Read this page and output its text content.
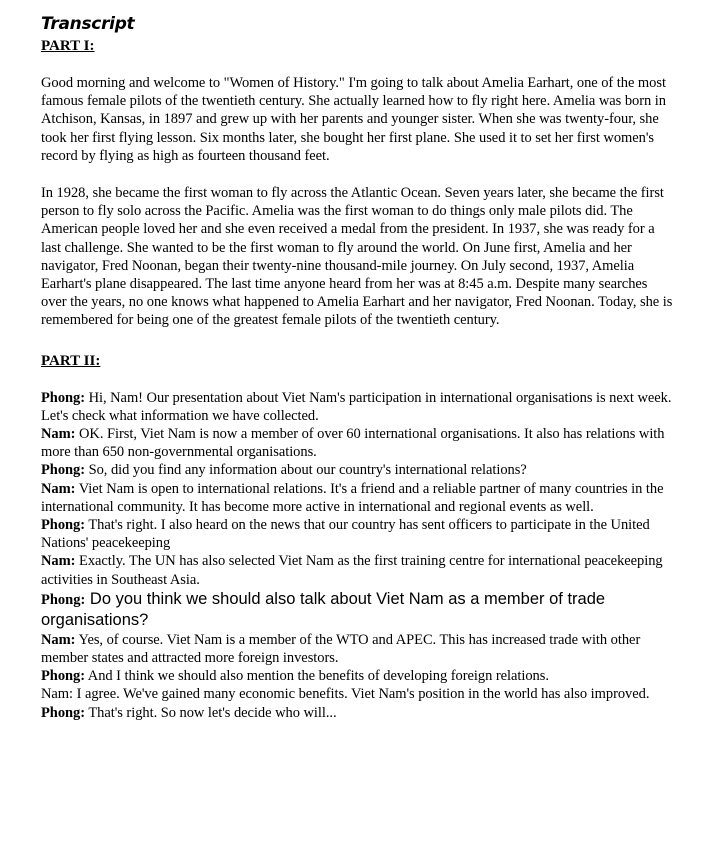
Transcript
PART I:

Good morning and welcome to "Women of History." I'm going to talk about Amelia Earhart, one of the most famous female pilots of the twentieth century. She actually learned how to fly right here. Amelia was born in Atchison, Kansas, in 1897 and grew up with her parents and younger sister. When she was twenty-four, she took her first flying lesson. Six months later, she bought her first plane. She used it to set her first women's record by flying as high as fourteen thousand feet.

In 1928, she became the first woman to fly across the Atlantic Ocean. Seven years later, she became the first person to fly solo across the Pacific. Amelia was the first woman to do things only male pilots did. The American people loved her and she even received a medal from the president. In 1937, she was ready for a last challenge. She wanted to be the first woman to fly around the world. On June first, Amelia and her navigator, Fred Noonan, began their twenty-nine thousand-mile journey. On July second, 1937, Amelia Earhart's plane disappeared. The last time anyone heard from her was at 8:45 a.m. Despite many searches over the years, no one knows what happened to Amelia Earhart and her navigator, Fred Noonan. Today, she is remembered for being one of the greatest female pilots of the twentieth century.

PART II:

Phong: Hi, Nam! Our presentation about Viet Nam's participation in international organisations is next week. Let's check what information we have collected.

Nam: OK. First, Viet Nam is now a member of over 60 international organisations. It also has relations with more than 650 non-governmental organisations.

Phong: So, did you find any information about our country's international relations?

Nam: Viet Nam is open to international relations. It's a friend and a reliable partner of many countries in the international community. It has become more active in international and regional events as well.

Phong: That's right. I also heard on the news that our country has sent officers to participate in the United Nations' peacekeeping

Nam: Exactly. The UN has also selected Viet Nam as the first training centre for international peacekeeping activities in Southeast Asia.

Phong: Do you think we should also talk about Viet Nam as a member of trade organisations?

Nam: Yes, of course. Viet Nam is a member of the WTO and APEC. This has increased trade with other member states and attracted more foreign investors.

Phong: And I think we should also mention the benefits of developing foreign relations.

Nam: I agree. We've gained many economic benefits. Viet Nam's position in the world has also improved.

Phong: That's right. So now let's decide who will...
